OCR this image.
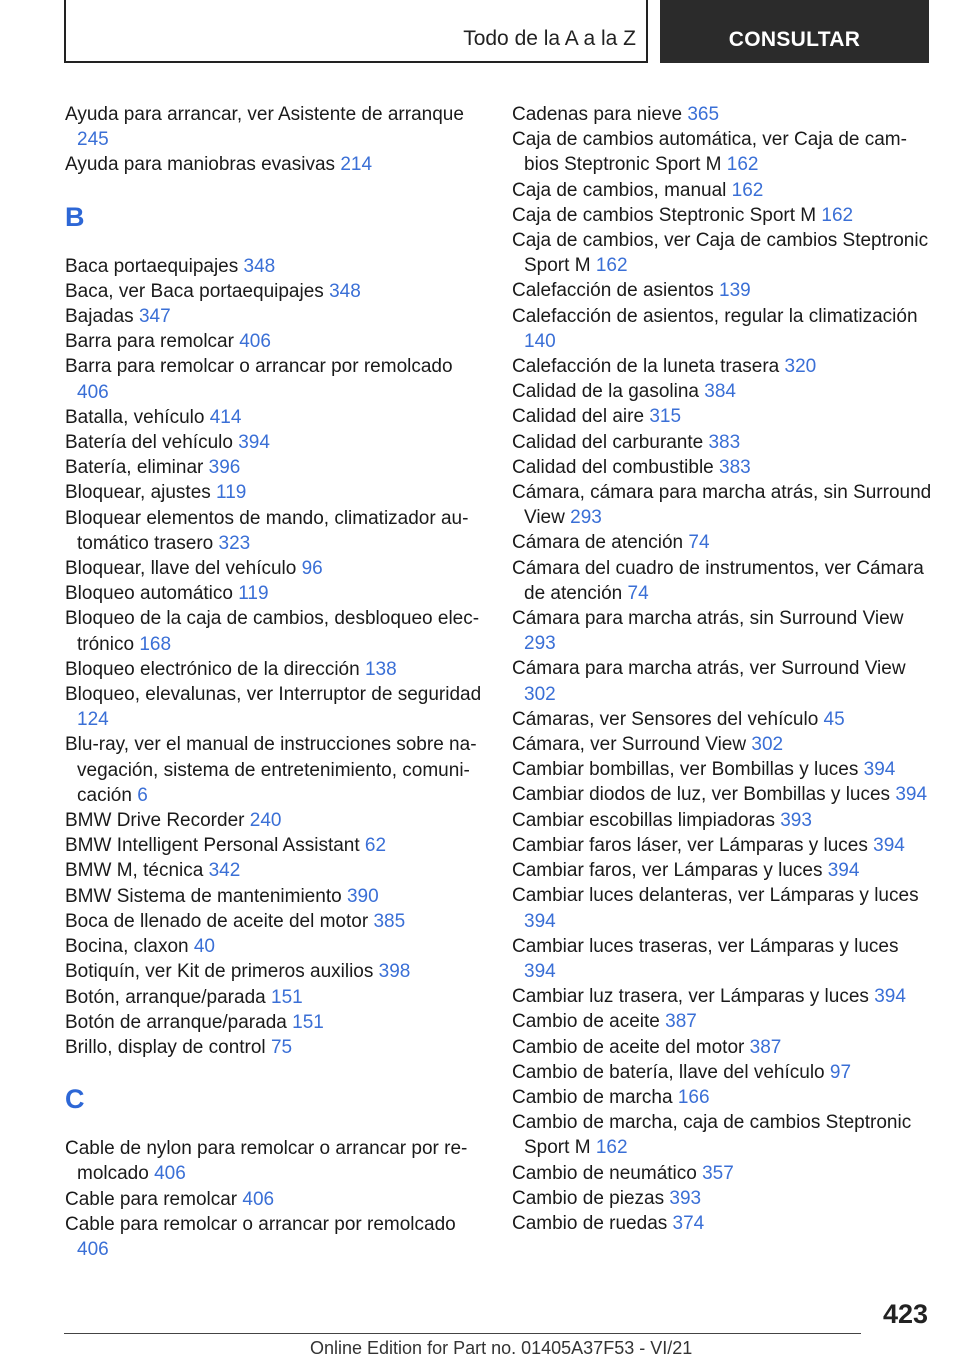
Todo de la A a la Z	CONSULTAR

Ayuda para arrancar, ver Asistente de arranque 245

Ayuda para maniobras evasivas 214

B

Baca portaequipajes 348

Baca, ver Baca portaequipajes 348

Bajadas 347

Barra para remolcar 406

Barra para remolcar o arrancar por remolcado 406

Batalla, vehículo 414

Batería del vehículo 394

Batería, eliminar 396

Bloquear, ajustes 119

Bloquear elementos de mando, climatizador automático trasero 323

Bloquear, llave del vehículo 96

Bloqueo automático 119

Bloqueo de la caja de cambios, desbloqueo electrónico 168

Bloqueo electrónico de la dirección 138

Bloqueo, elevalunas, ver Interruptor de seguridad 124

Blu-ray, ver el manual de instrucciones sobre navegación, sistema de entretenimiento, comunicación 6

BMW Drive Recorder 240

BMW Intelligent Personal Assistant 62

BMW M, técnica 342

BMW Sistema de mantenimiento 390

Boca de llenado de aceite del motor 385

Bocina, claxon 40

Botiquín, ver Kit de primeros auxilios 398

Botón, arranque/parada 151

Botón de arranque/parada 151

Brillo, display de control 75

C

Cable de nylon para remolcar o arrancar por remolcado 406

Cable para remolcar 406

Cable para remolcar o arrancar por remolcado 406

Cadenas para nieve 365

Caja de cambios automática, ver Caja de cambios Steptronic Sport M 162

Caja de cambios, manual 162

Caja de cambios Steptronic Sport M 162

Caja de cambios, ver Caja de cambios Steptronic Sport M 162

Calefacción de asientos 139

Calefacción de asientos, regular la climatización 140

Calefacción de la luneta trasera 320

Calidad de la gasolina 384

Calidad del aire 315

Calidad del carburante 383

Calidad del combustible 383

Cámara, cámara para marcha atrás, sin Surround View 293

Cámara de atención 74

Cámara del cuadro de instrumentos, ver Cámara de atención 74

Cámara para marcha atrás, sin Surround View 293

Cámara para marcha atrás, ver Surround View 302

Cámaras, ver Sensores del vehículo 45

Cámara, ver Surround View 302

Cambiar bombillas, ver Bombillas y luces 394

Cambiar diodos de luz, ver Bombillas y luces 394

Cambiar escobillas limpiadoras 393

Cambiar faros láser, ver Lámparas y luces 394

Cambiar faros, ver Lámparas y luces 394

Cambiar luces delanteras, ver Lámparas y luces 394

Cambiar luces traseras, ver Lámparas y luces 394

Cambiar luz trasera, ver Lámparas y luces 394

Cambio de aceite 387

Cambio de aceite del motor 387

Cambio de batería, llave del vehículo 97

Cambio de marcha 166

Cambio de marcha, caja de cambios Steptronic Sport M 162

Cambio de neumático 357

Cambio de piezas 393

Cambio de ruedas 374

423
Online Edition for Part no. 01405A37F53 - VI/21
